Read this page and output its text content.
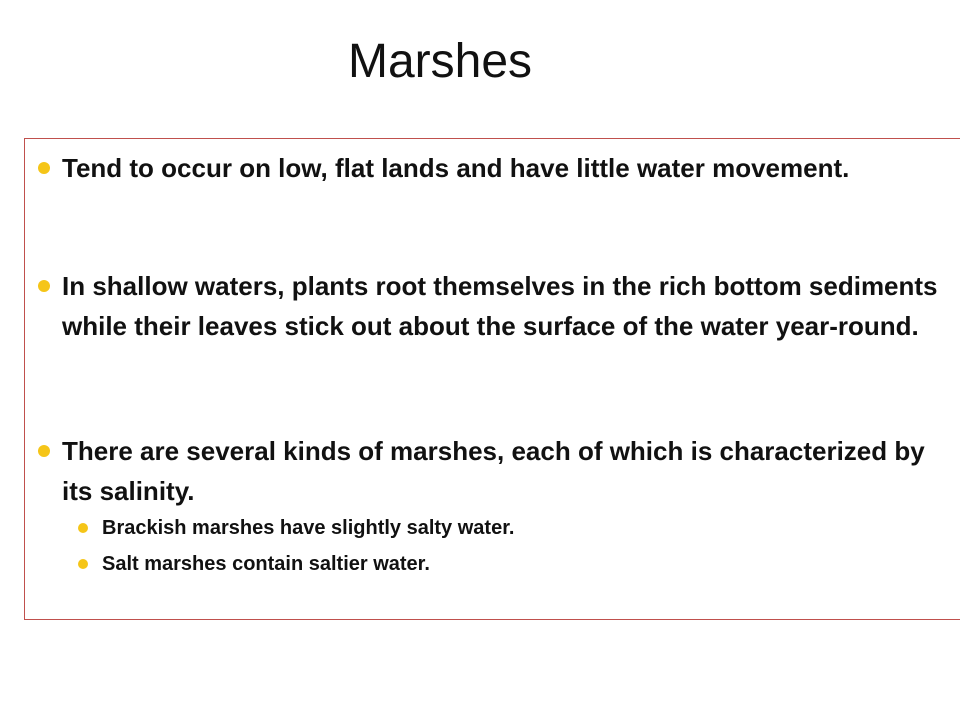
Marshes
Tend to occur on low, flat lands and have little water movement.
In shallow waters, plants root themselves in the rich bottom sediments while their leaves stick out about the surface of the water year-round.
There are several kinds of marshes, each of which is characterized by its salinity.
Brackish marshes have slightly salty water.
Salt marshes contain saltier water.
